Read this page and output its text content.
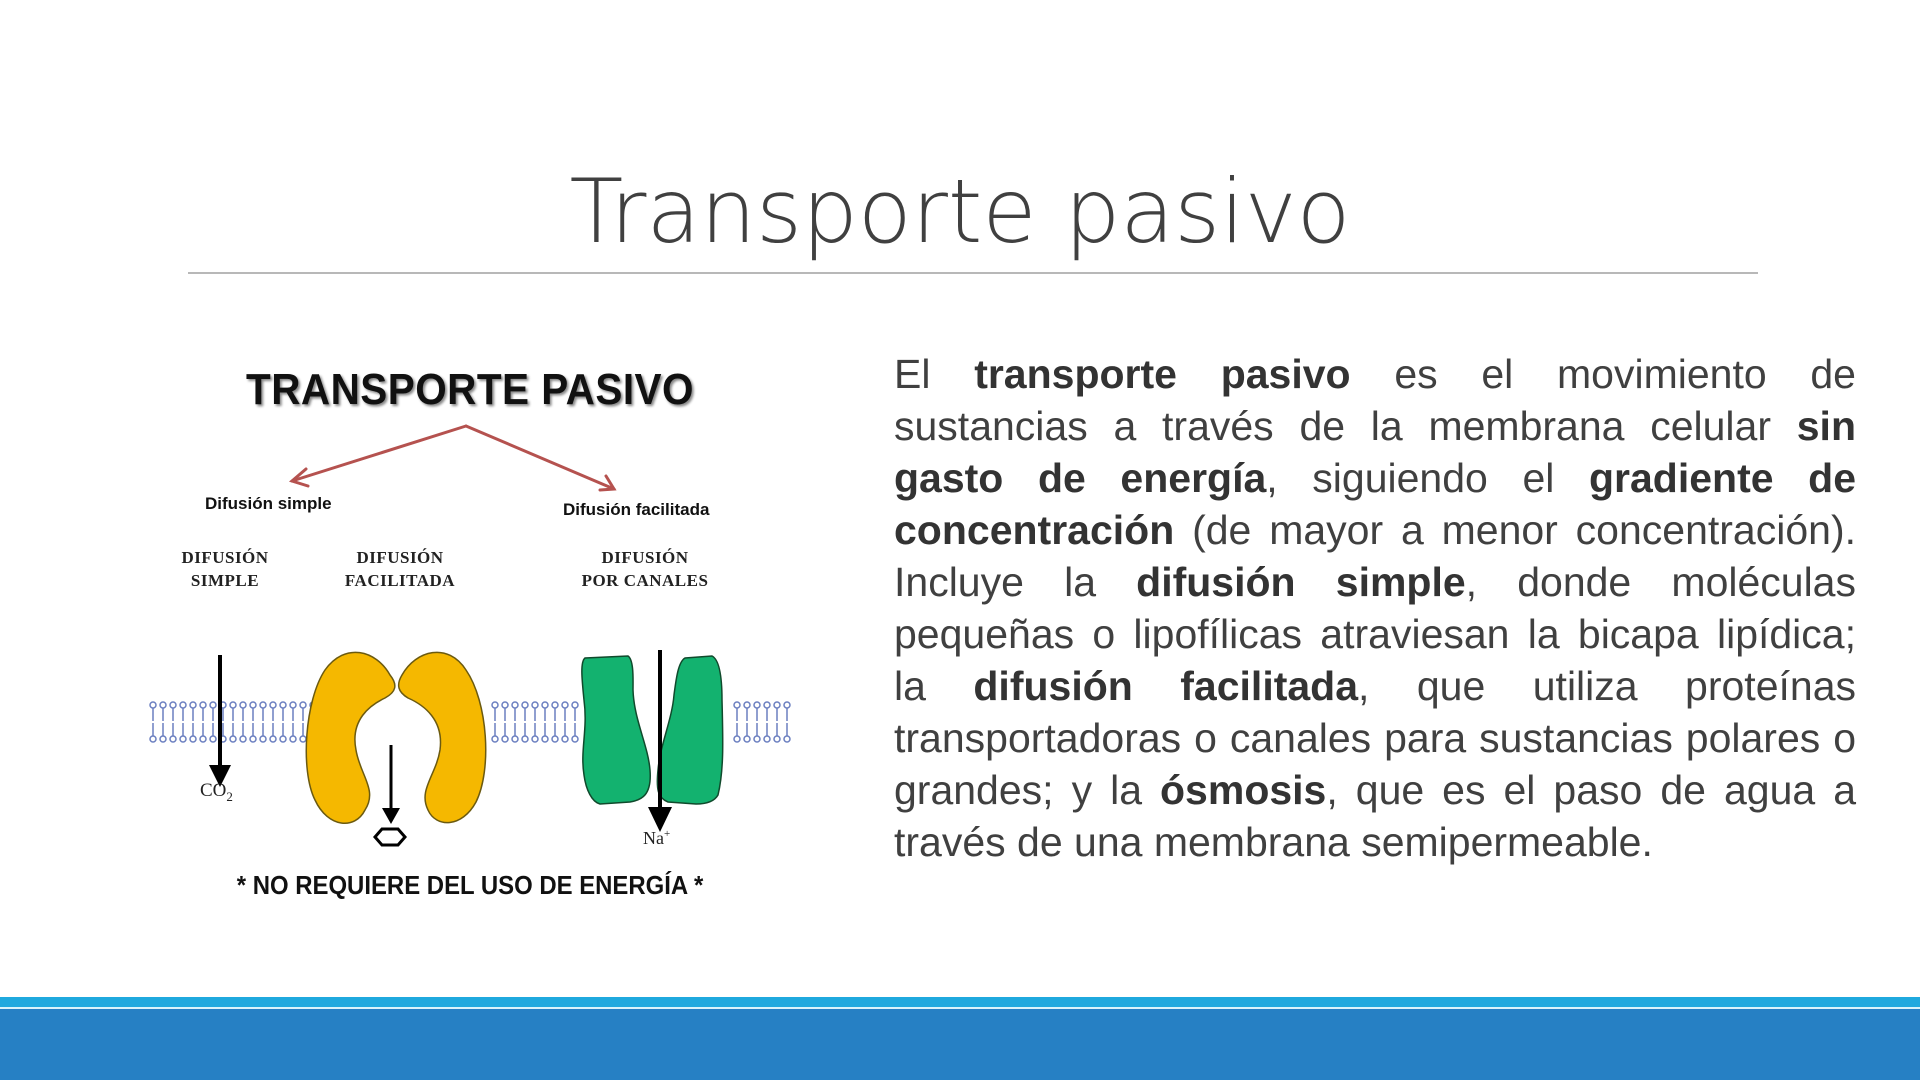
Transporte pasivo
TRANSPORTE PASIVO
Difusión simple	Difusión facilitada
DIFUSIÓN
SIMPLE
DIFUSIÓN
FACILITADA
DIFUSIÓN
POR CANALES
$CO_2$
Na+
* NO REQUIERE DEL USO DE ENERGÍA *
El transporte pasivo es el movimiento de sustancias a través de la membrana celular sin gasto de energía, siguiendo el gradiente de concentración (de mayor a menor concentración). Incluye la difusión simple, donde moléculas pequeñas o lipofílicas atraviesan la bicapa lipídica; la difusión facilitada, que utiliza proteínas transportadoras o canales para sustancias polares o grandes; y la ósmosis, que es el paso de agua a través de una membrana semipermeable.
